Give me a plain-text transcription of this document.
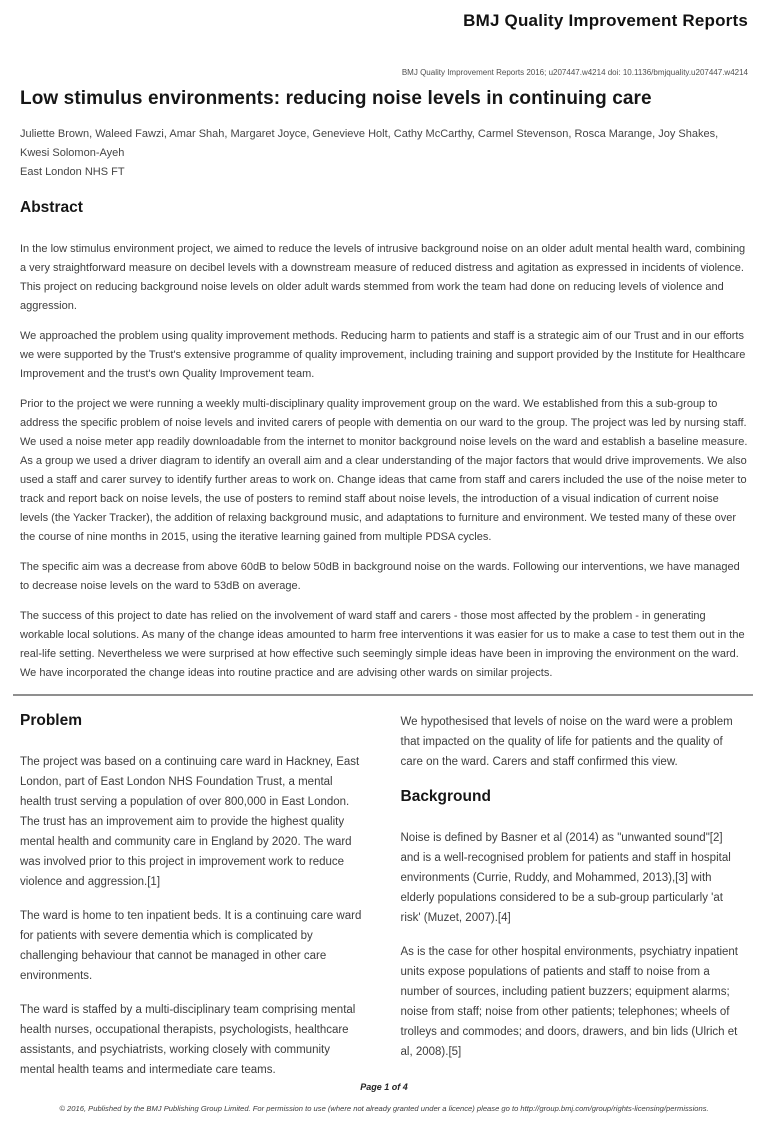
BMJ Quality Improvement Reports
BMJ Quality Improvement Reports 2016; u207447.w4214 doi: 10.1136/bmjquality.u207447.w4214
Low stimulus environments: reducing noise levels in continuing care

Juliette Brown, Waleed Fawzi, Amar Shah, Margaret Joyce, Genevieve Holt, Cathy McCarthy, Carmel Stevenson, Rosca Marange, Joy Shakes, Kwesi Solomon-Ayeh

East London NHS FT

Abstract

In the low stimulus environment project, we aimed to reduce the levels of intrusive background noise on an older adult mental health ward, combining a very straightforward measure on decibel levels with a downstream measure of reduced distress and agitation as expressed in incidents of violence. This project on reducing background noise levels on older adult wards stemmed from work the team had done on reducing levels of violence and aggression.

We approached the problem using quality improvement methods. Reducing harm to patients and staff is a strategic aim of our Trust and in our efforts we were supported by the Trust's extensive programme of quality improvement, including training and support provided by the Institute for Healthcare Improvement and the trust's own Quality Improvement team.

Prior to the project we were running a weekly multi-disciplinary quality improvement group on the ward. We established from this a sub-group to address the specific problem of noise levels and invited carers of people with dementia on our ward to the group. The project was led by nursing staff. We used a noise meter app readily downloadable from the internet to monitor background noise levels on the ward and establish a baseline measure. As a group we used a driver diagram to identify an overall aim and a clear understanding of the major factors that would drive improvements. We also used a staff and carer survey to identify further areas to work on. Change ideas that came from staff and carers included the use of the noise meter to track and report back on noise levels, the use of posters to remind staff about noise levels, the introduction of a visual indication of current noise levels (the Yacker Tracker), the addition of relaxing background music, and adaptations to furniture and environment. We tested many of these over the course of nine months in 2015, using the iterative learning gained from multiple PDSA cycles.

The specific aim was a decrease from above 60dB to below 50dB in background noise on the wards. Following our interventions, we have managed to decrease noise levels on the ward to 53dB on average.

The success of this project to date has relied on the involvement of ward staff and carers - those most affected by the problem - in generating workable local solutions. As many of the change ideas amounted to harm free interventions it was easier for us to make a case to test them out in the real-life setting. Nevertheless we were surprised at how effective such seemingly simple ideas have been in improving the environment on the ward. We have incorporated the change ideas into routine practice and are advising other wards on similar projects.

Problem

The project was based on a continuing care ward in Hackney, East London, part of East London NHS Foundation Trust, a mental health trust serving a population of over 800,000 in East London. The trust has an improvement aim to provide the highest quality mental health and community care in England by 2020. The ward was involved prior to this project in improvement work to reduce violence and aggression.[1]

The ward is home to ten inpatient beds. It is a continuing care ward for patients with severe dementia which is complicated by challenging behaviour that cannot be managed in other care environments.

The ward is staffed by a multi-disciplinary team comprising mental health nurses, occupational therapists, psychologists, healthcare assistants, and psychiatrists, working closely with community mental health teams and intermediate care teams.

We hypothesised that levels of noise on the ward were a problem that impacted on the quality of life for patients and the quality of care on the ward. Carers and staff confirmed this view.

Background

Noise is defined by Basner et al (2014) as "unwanted sound"[2] and is a well-recognised problem for patients and staff in hospital environments (Currie, Ruddy, and Mohammed, 2013),[3] with elderly populations considered to be a sub-group particularly 'at risk' (Muzet, 2007).[4]

As is the case for other hospital environments, psychiatry inpatient units expose populations of patients and staff to noise from a number of sources, including patient buzzers; equipment alarms; noise from staff; noise from other patients; telephones; wheels of trolleys and commodes; and doors, drawers, and bin lids (Ulrich et al, 2008).[5]

Page 1 of 4
© 2016, Published by the BMJ Publishing Group Limited. For permission to use (where not already granted under a licence) please go to http://group.bmj.com/group/rights-licensing/permissions.
